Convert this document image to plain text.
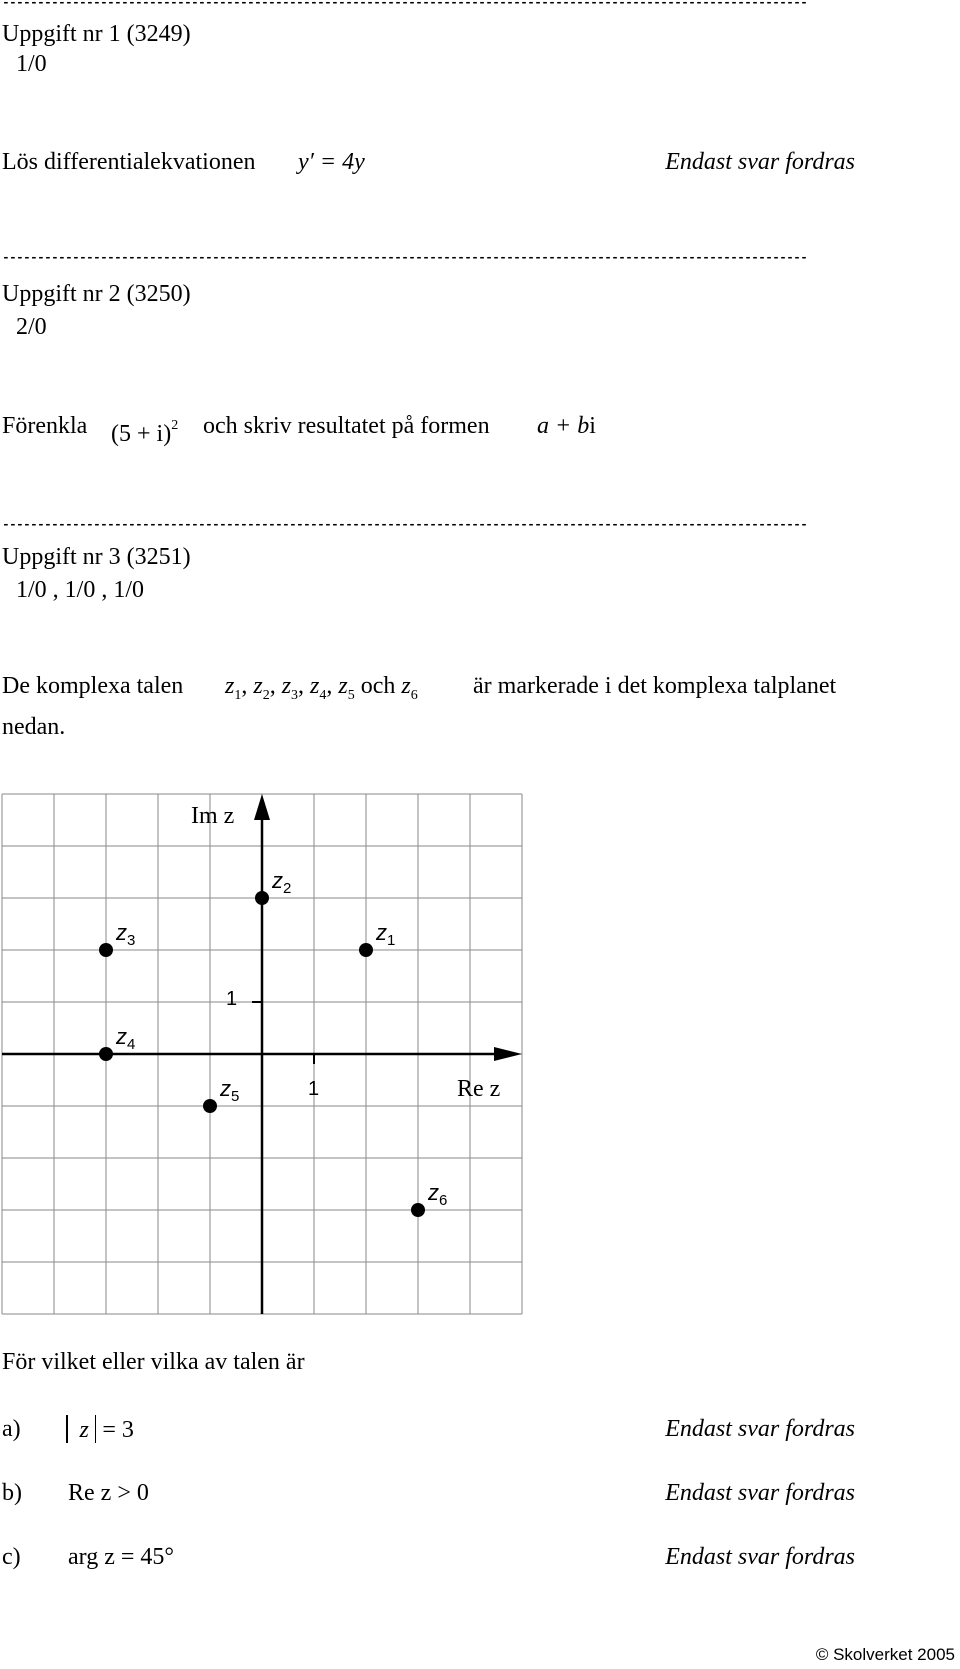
-------------------------------------------------------------------------------------------------------------------
Uppgift nr 1 (3249)
1/0
Lös differentialekvationen y′ = 4y	Endast svar fordras
-------------------------------------------------------------------------------------------------------------------
Uppgift nr 2 (3250)
2/0
Förenkla $(5 + i)^2$ och skriv resultatet på formen a + bi
-------------------------------------------------------------------------------------------------------------------
Uppgift nr 3 (3251)
1/0 , 1/0 , 1/0
De komplexa talen $z_1$, $z_2$, $z_3$, $z_4$, $z_5$ och $z_6$ är markerade i det komplexa talplanet
nedan.
$z_1$
$z_2$
$z_3$
$z_4$
$z_5$
$z_6$
Im z
Re z
1
1
För vilket eller vilka av talen är
a)	z = 3	Endast svar fordras
b) Re z > 0	Endast svar fordras
c) arg z = 45°	Endast svar fordras
© Skolverket 2005
